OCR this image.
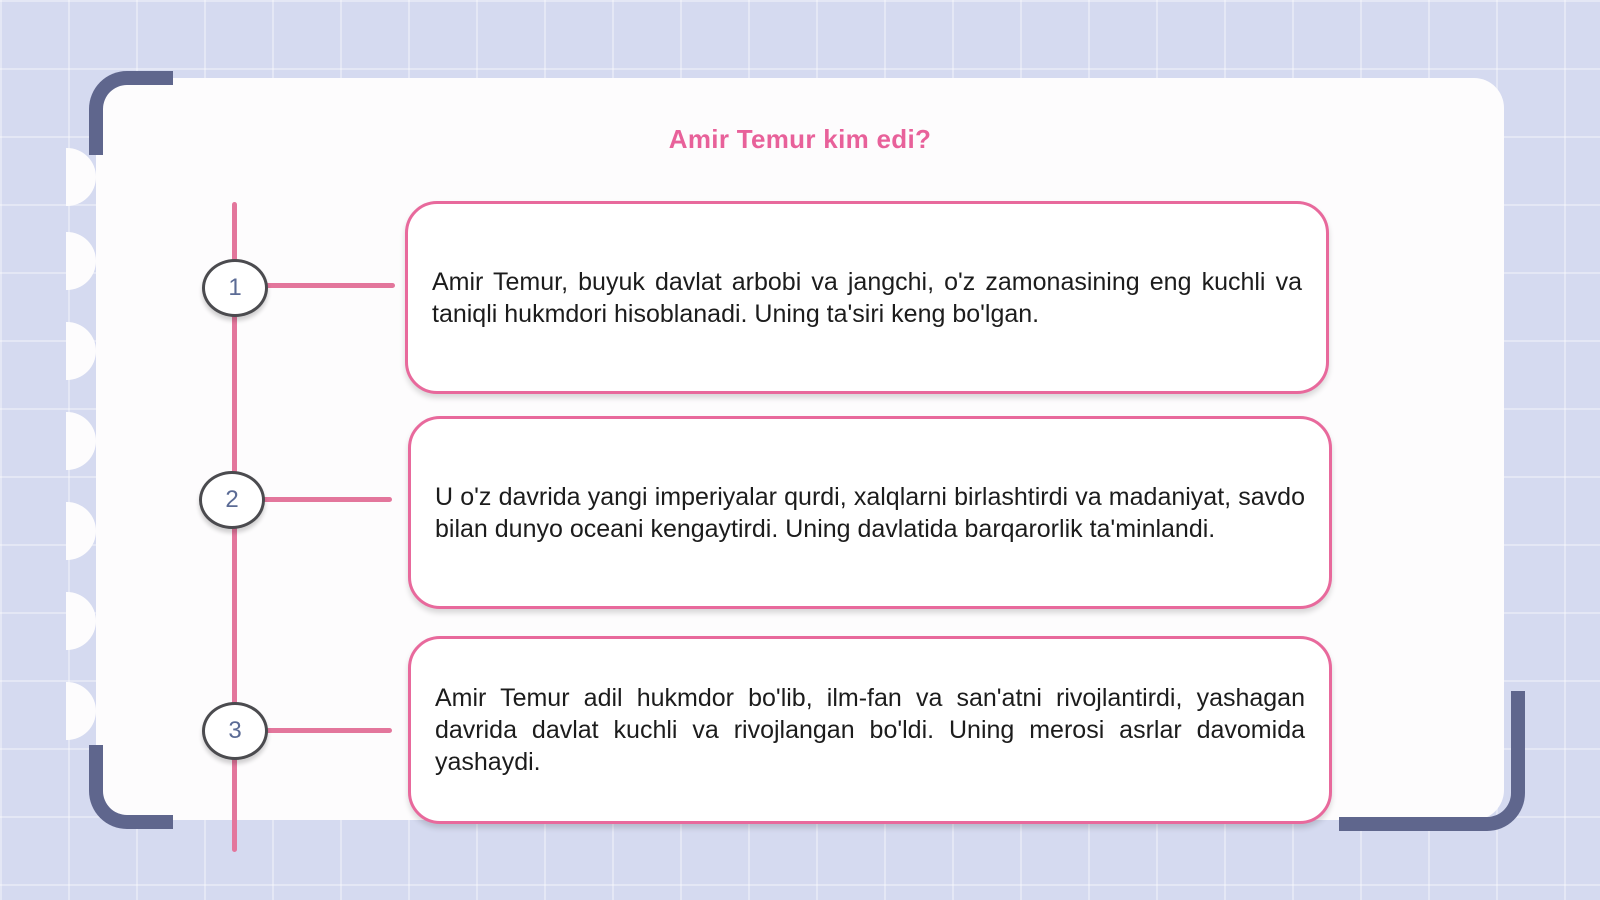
Amir Temur kim edi?
1	Amir Temur, buyuk davlat arbobi va jangchi, o'z zamonasining eng kuchli va taniqli hukmdori hisoblanadi. Uning ta'siri keng bo'lgan.

2	U o'z davrida yangi imperiyalar qurdi, xalqlarni birlashtirdi va madaniyat, savdo bilan dunyo oceani kengaytirdi. Uning davlatida barqarorlik ta'minlandi.

3

Amir Temur adil hukmdor bo'lib, ilm-fan va san'atni rivojlantirdi, yashagan davrida davlat kuchli va rivojlangan bo'ldi. Uning merosi asrlar davomida yashaydi.
